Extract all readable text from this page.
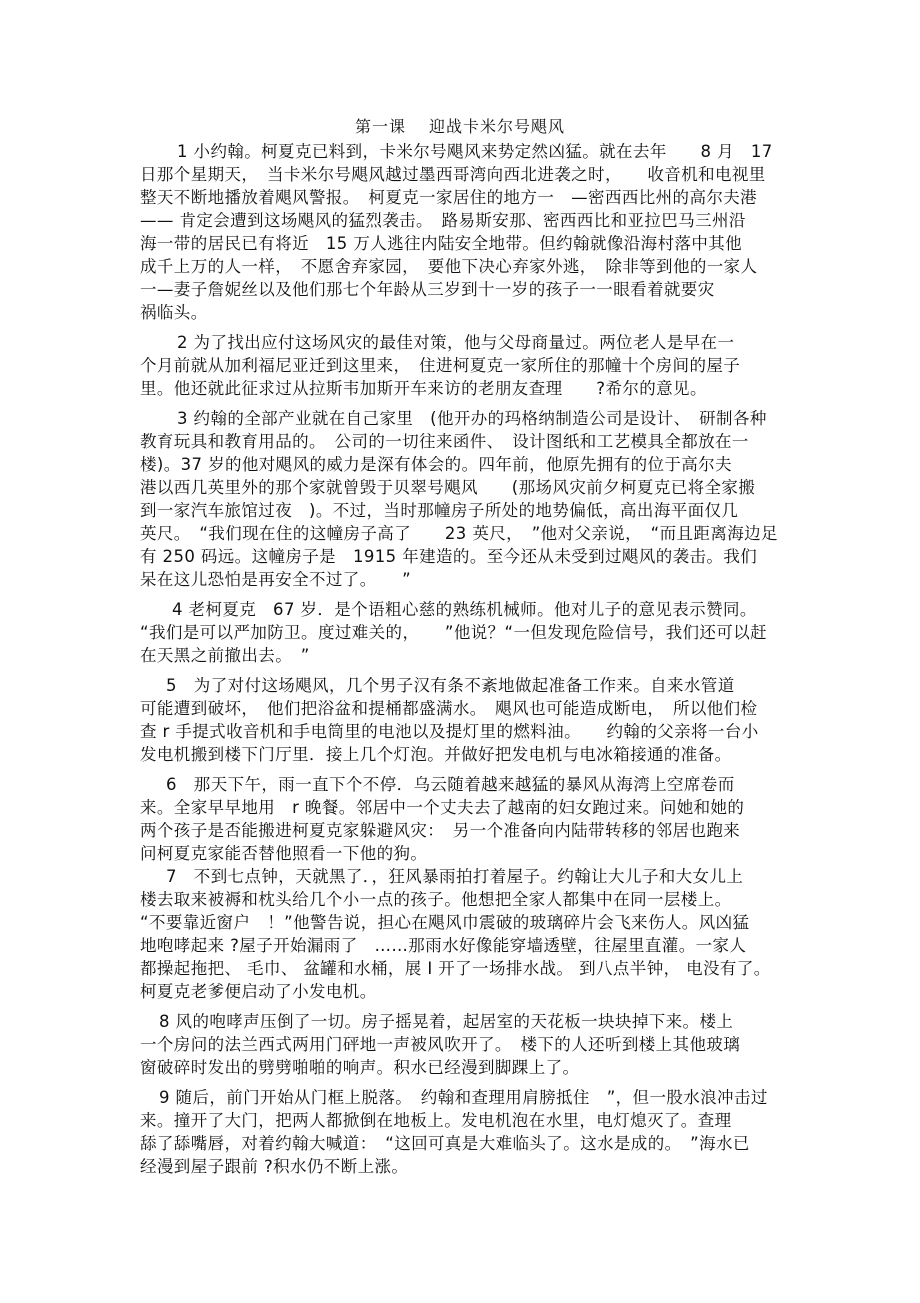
第一课　 迎战卡米尔号飓风
1 小约翰。柯夏克已料到，卡米尔号飓风来势定然凶猛。就在去年　　8 月　17
日那个星期天，　当卡米尔号飓风越过墨西哥湾向西北进袭之时，　　收音机和电视里
整天不断地播放着飓风警报。　柯夏克一家居住的地方一　—密西西比州的高尔夫港
—— 肯定会遭到这场飓风的猛烈袭击。　路易斯安那、密西西比和亚拉巴马三州沿
海一带的居民已有将近　15 万人逃往内陆安全地带。但约翰就像沿海村落中其他
成千上万的人一样，　不愿舍弃家园，　要他下决心弃家外逃，　除非等到他的一家人
一—妻子詹妮丝以及他们那七个年龄从三岁到十一岁的孩子一一眼看着就要灾
祸临头。
2 为了找出应付这场风灾的最佳对策，他与父母商量过。两位老人是早在一
个月前就从加利福尼亚迁到这里来，　住进柯夏克一家所住的那幢十个房间的屋子
里。他还就此征求过从拉斯韦加斯开车来访的老朋友查理　　?希尔的意见。
3 约翰的全部产业就在自己家里　(他开办的玛格纳制造公司是设计、　研制各种
教育玩具和教育用品的。　公司的一切往来函件、　设计图纸和工艺模具全都放在一
楼)。37 岁的他对飓风的威力是深有体会的。四年前，他原先拥有的位于高尔夫
港以西几英里外的那个家就曾毁于贝翠号飓风　　(那场风灾前夕柯夏克已将全家搬
到一家汽车旅馆过夜　)。不过，当时那幢房子所处的地势偏低，高出海平面仅几
英尺。　“我们现在住的这幢房子高了　　23 英尺，　”他对父亲说，　“而且距离海边足
有 250 码远。这幢房子是　1915 年建造的。至今还从未受到过飓风的袭击。我们
呆在这儿恐怕是再安全不过了。　　”
4 老柯夏克　67 岁．是个语粗心慈的熟练机械师。他对儿子的意见表示赞同。
“我们是可以严加防卫。度过难关的，　　”他说？“一但发现危险信号，我们还可以赶
在天黑之前撤出去。　”
5　为了对付这场飓风，几个男子汉有条不紊地做起准备工作来。自来水管道
可能遭到破坏，　他们把浴盆和提桶都盛满水。　飓风也可能造成断电，　所以他们检
查 r 手提式收音机和手电筒里的电池以及提灯里的燃料油。　　约翰的父亲将一台小
发电机搬到楼下门厅里．接上几个灯泡。并做好把发电机与电冰箱接通的准备。
6　那天下午，雨一直下个不停．乌云随着越来越猛的暴风从海湾上空席卷而
来。全家早早地用　r 晚餐。邻居中一个丈夫去了越南的妇女跑过来。问她和她的
两个孩子是否能搬进柯夏克家躲避风灾：　另一个准备向内陆带转移的邻居也跑来
问柯夏克家能否替他照看一下他的狗。
7　不到七点钟，天就黑了．，狂风暴雨拍打着屋子。约翰让大儿子和大女儿上
楼去取来被褥和枕头给几个小一点的孩子。他想把全家人都集中在同一层楼上。
“不要靠近窗户　！”他警告说，担心在飓风巾震破的玻璃碎片会飞来伤人。风凶猛
地咆哮起来 ?屋子开始漏雨了　……那雨水好像能穿墙透壁，往屋里直灌。一家人
都操起拖把、 毛巾、 盆罐和水桶，展 I 开了一场排水战。 到八点半钟， 电没有了。
柯夏克老爹便启动了小发电机。
8 风的咆哮声压倒了一切。房子摇晃着，起居室的天花板一块块掉下来。楼上
一个房问的法兰西式两用门砰地一声被风吹开了。　楼下的人还听到楼上其他玻璃
窗破碎时发出的劈劈啪啪的响声。积水已经漫到脚踝上了。
9 随后，前门开始从门框上脱落。　约翰和查理用肩膀抵住　”，但一股水浪冲击过
来。撞开了大门，把两人都掀倒在地板上。发电机泡在水里，电灯熄灭了。查理
舔了舔嘴唇，对着约翰大喊道：　“这回可真是大难临头了。这水是成的。　”海水已
经漫到屋子跟前 ?积水仍不断上涨。
